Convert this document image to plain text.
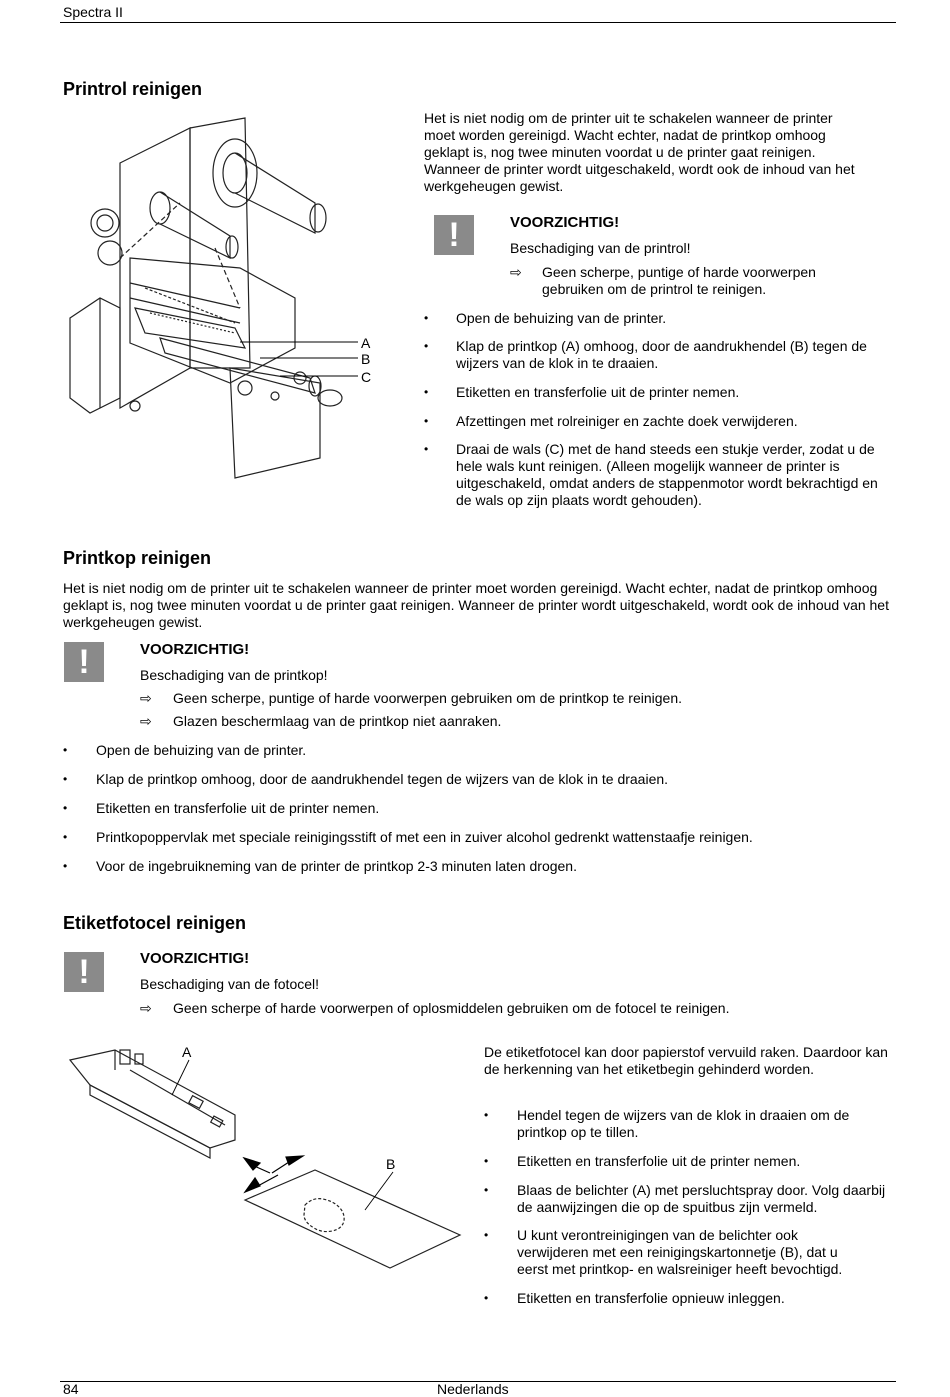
Spectra II
Printrol reinigen
A
B
C

Het is niet nodig om de printer uit te schakelen wanneer de printer moet worden gereinigd. Wacht echter, nadat de printkop omhoog geklapt is, nog twee minuten voordat u de printer gaat reinigen. Wanneer de printer wordt uitgeschakeld, wordt ook de inhoud van het werkgeheugen gewist.

!	VOORZICHTIG!
Beschadiging van de printrol!
⇨ Geen scherpe, puntige of harde voorwerpen gebruiken om de printrol te reinigen.
• Open de behuizing van de printer.
• Klap de printkop (A) omhoog, door de aandrukhendel (B) tegen de wijzers van de klok in te draaien.
• Etiketten en transferfolie uit de printer nemen.
• Afzettingen met rolreiniger en zachte doek verwijderen.
• Draai de wals (C) met de hand steeds een stukje verder, zodat u de hele wals kunt reinigen. (Alleen mogelijk wanneer de printer is uitgeschakeld, omdat anders de stappenmotor wordt bekrachtigd en de wals op zijn plaats wordt gehouden).
Printkop reinigen

Het is niet nodig om de printer uit te schakelen wanneer de printer moet worden gereinigd. Wacht echter, nadat de printkop omhoog geklapt is, nog twee minuten voordat u de printer gaat reinigen. Wanneer de printer wordt uitgeschakeld, wordt ook de inhoud van het werkgeheugen gewist.

!	VOORZICHTIG!
Beschadiging van de printkop!
⇨ Geen scherpe, puntige of harde voorwerpen gebruiken om de printkop te reinigen.
⇨ Glazen beschermlaag van de printkop niet aanraken.
• Open de behuizing van de printer.
• Klap de printkop omhoog, door de aandrukhendel tegen de wijzers van de klok in te draaien.
• Etiketten en transferfolie uit de printer nemen.
• Printkopoppervlak met speciale reinigingsstift of met een in zuiver alcohol gedrenkt wattenstaafje reinigen.
• Voor de ingebruikneming van de printer de printkop 2-3 minuten laten drogen.
Etiketfotocel reinigen
!	VOORZICHTIG!
Beschadiging van de fotocel!
⇨ Geen scherpe of harde voorwerpen of oplosmiddelen gebruiken om de fotocel te reinigen.
A
B

De etiketfotocel kan door papierstof vervuild raken. Daardoor kan de herkenning van het etiketbegin gehinderd worden.

• Hendel tegen de wijzers van de klok in draaien om de printkop op te tillen.
• Etiketten en transferfolie uit de printer nemen.
• Blaas de belichter (A) met persluchtspray door. Volg daarbij de aanwijzingen die op de spuitbus zijn vermeld.
• U kunt verontreinigingen van de belichter ook verwijderen met een reinigingskartonnetje (B), dat u eerst met printkop- en walsreiniger heeft bevochtigd.
• Etiketten en transferfolie opnieuw inleggen.
84	Nederlands
